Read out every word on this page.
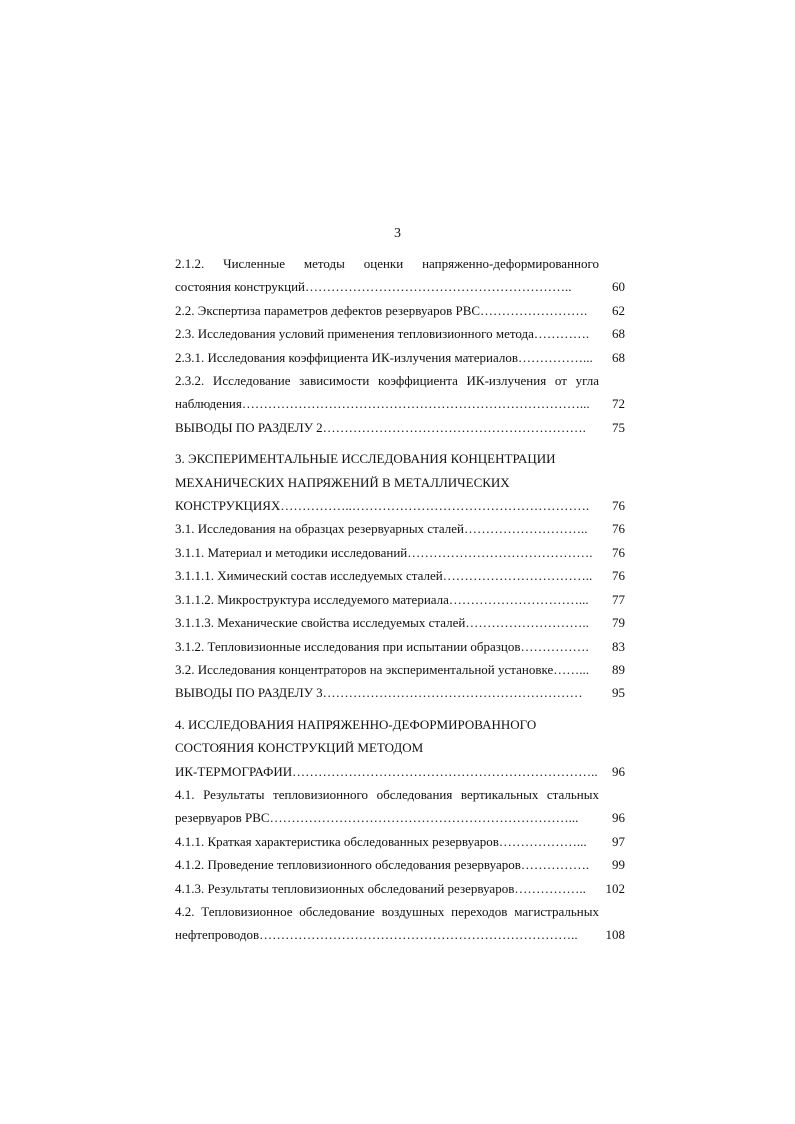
3
2.1.2. Численные методы оценки напряженно-деформированного
состояния конструкций……………………………………………………..	60
2.2. Экспертиза параметров дефектов резервуаров РВС…………………….	62
2.3. Исследования условий применения тепловизионного метода………….	68
2.3.1. Исследования коэффициента ИК-излучения материалов……………...	68
2.3.2. Исследование зависимости коэффициента ИК-излучения от угла
наблюдения……………………………………………………………………...	72
ВЫВОДЫ ПО РАЗДЕЛУ 2…………………………………………………….	75
3. ЭКСПЕРИМЕНТАЛЬНЫЕ ИССЛЕДОВАНИЯ КОНЦЕНТРАЦИИ
МЕХАНИЧЕСКИХ НАПРЯЖЕНИЙ В МЕТАЛЛИЧЕСКИХ
КОНСТРУКЦИЯХ……………..……………………………………………….	76
3.1. Исследования на образцах резервуарных сталей………………………..	76
3.1.1. Материал и методики исследований…………………………………….	76
3.1.1.1. Химический состав исследуемых сталей……………………………..	76
3.1.1.2. Микроструктура исследуемого материала…………………………...	77
3.1.1.3. Механические свойства исследуемых сталей………………………..	79
3.1.2. Тепловизионные исследования при испытании образцов…………….	83
3.2. Исследования концентраторов на экспериментальной установке……...	89
ВЫВОДЫ ПО РАЗДЕЛУ 3……………………………………………………	95
4. ИССЛЕДОВАНИЯ НАПРЯЖЕННО-ДЕФОРМИРОВАННОГО
СОСТОЯНИЯ КОНСТРУКЦИЙ МЕТОДОМ
ИК-ТЕРМОГРАФИИ……………………………………………………………..	96
4.1. Результаты тепловизионного обследования вертикальных стальных
резервуаров РВС……………………………………………………………...	96
4.1.1. Краткая характеристика обследованных резервуаров………………...	97
4.1.2. Проведение тепловизионного обследования резервуаров…………….	99
4.1.3. Результаты тепловизионных обследований резервуаров……………..	102
4.2. Тепловизионное обследование воздушных переходов магистральных
нефтепроводов………………………………………………………………..	108
